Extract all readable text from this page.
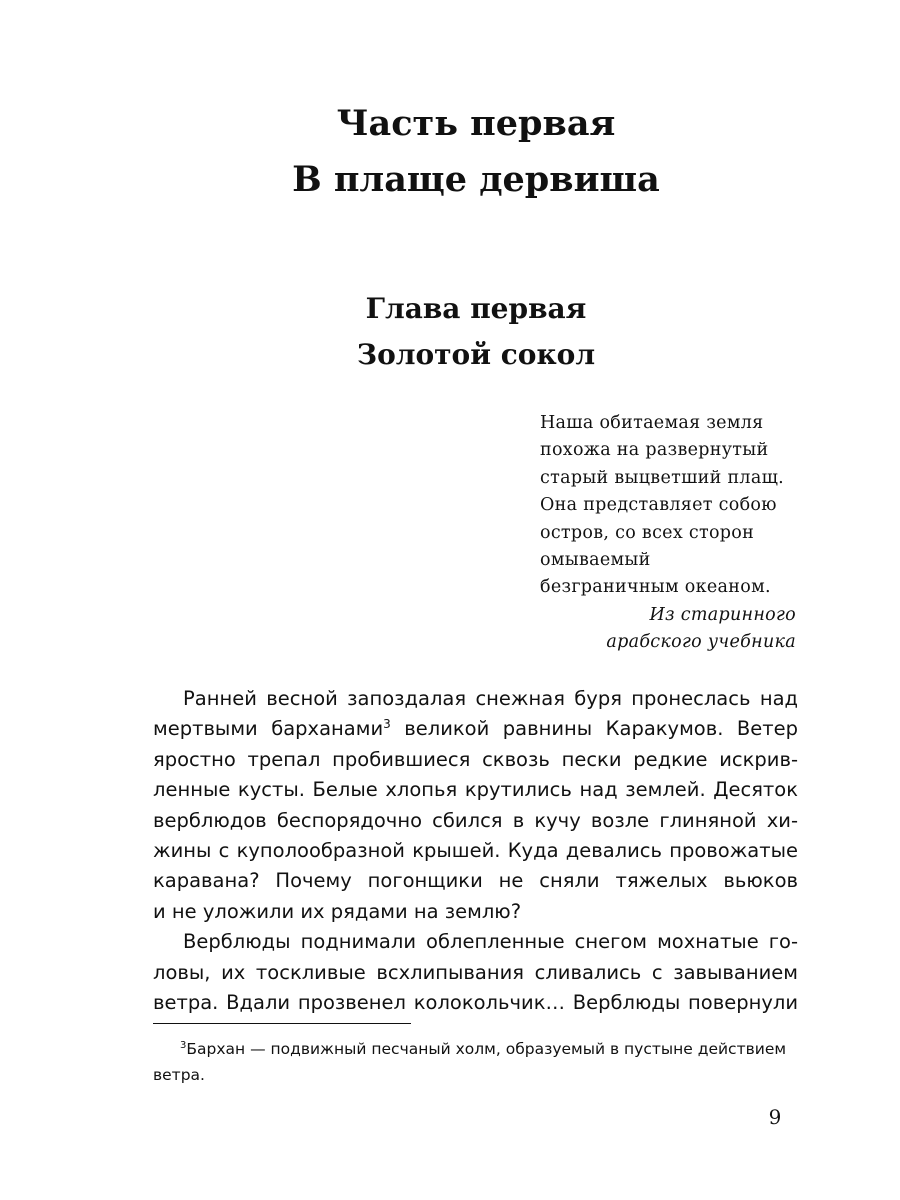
Часть первая
В плаще дервиша
Глава первая
Золотой сокол
Наша обитаемая земля
похожа на развернутый
старый выцветший плащ.
Она представляет собою
остров, со всех сторон
омываемый
безграничным океаном.
Из старинного
арабского учебника
Ранней весной запоздалая снежная буря пронеслась над
мертвыми барханами$^3$ великой равнины Каракумов. Ветер
яростно трепал пробившиеся сквозь пески редкие искрив-
ленные кусты. Белые хлопья крутились над землей. Десяток
верблюдов беспорядочно сбился в кучу возле глиняной хи-
жины с куполообразной крышей. Куда девались провожатые
каравана? Почему погонщики не сняли тяжелых вьюков
и не уложили их рядами на землю?
Верблюды поднимали облепленные снегом мохнатые го-
ловы, их тоскливые всхлипывания сливались с завыванием
ветра. Вдали прозвенел колокольчик… Верблюды повернули
$^3$Бархан — подвижный песчаный холм, образуемый в пустыне действием
ветра.
9
